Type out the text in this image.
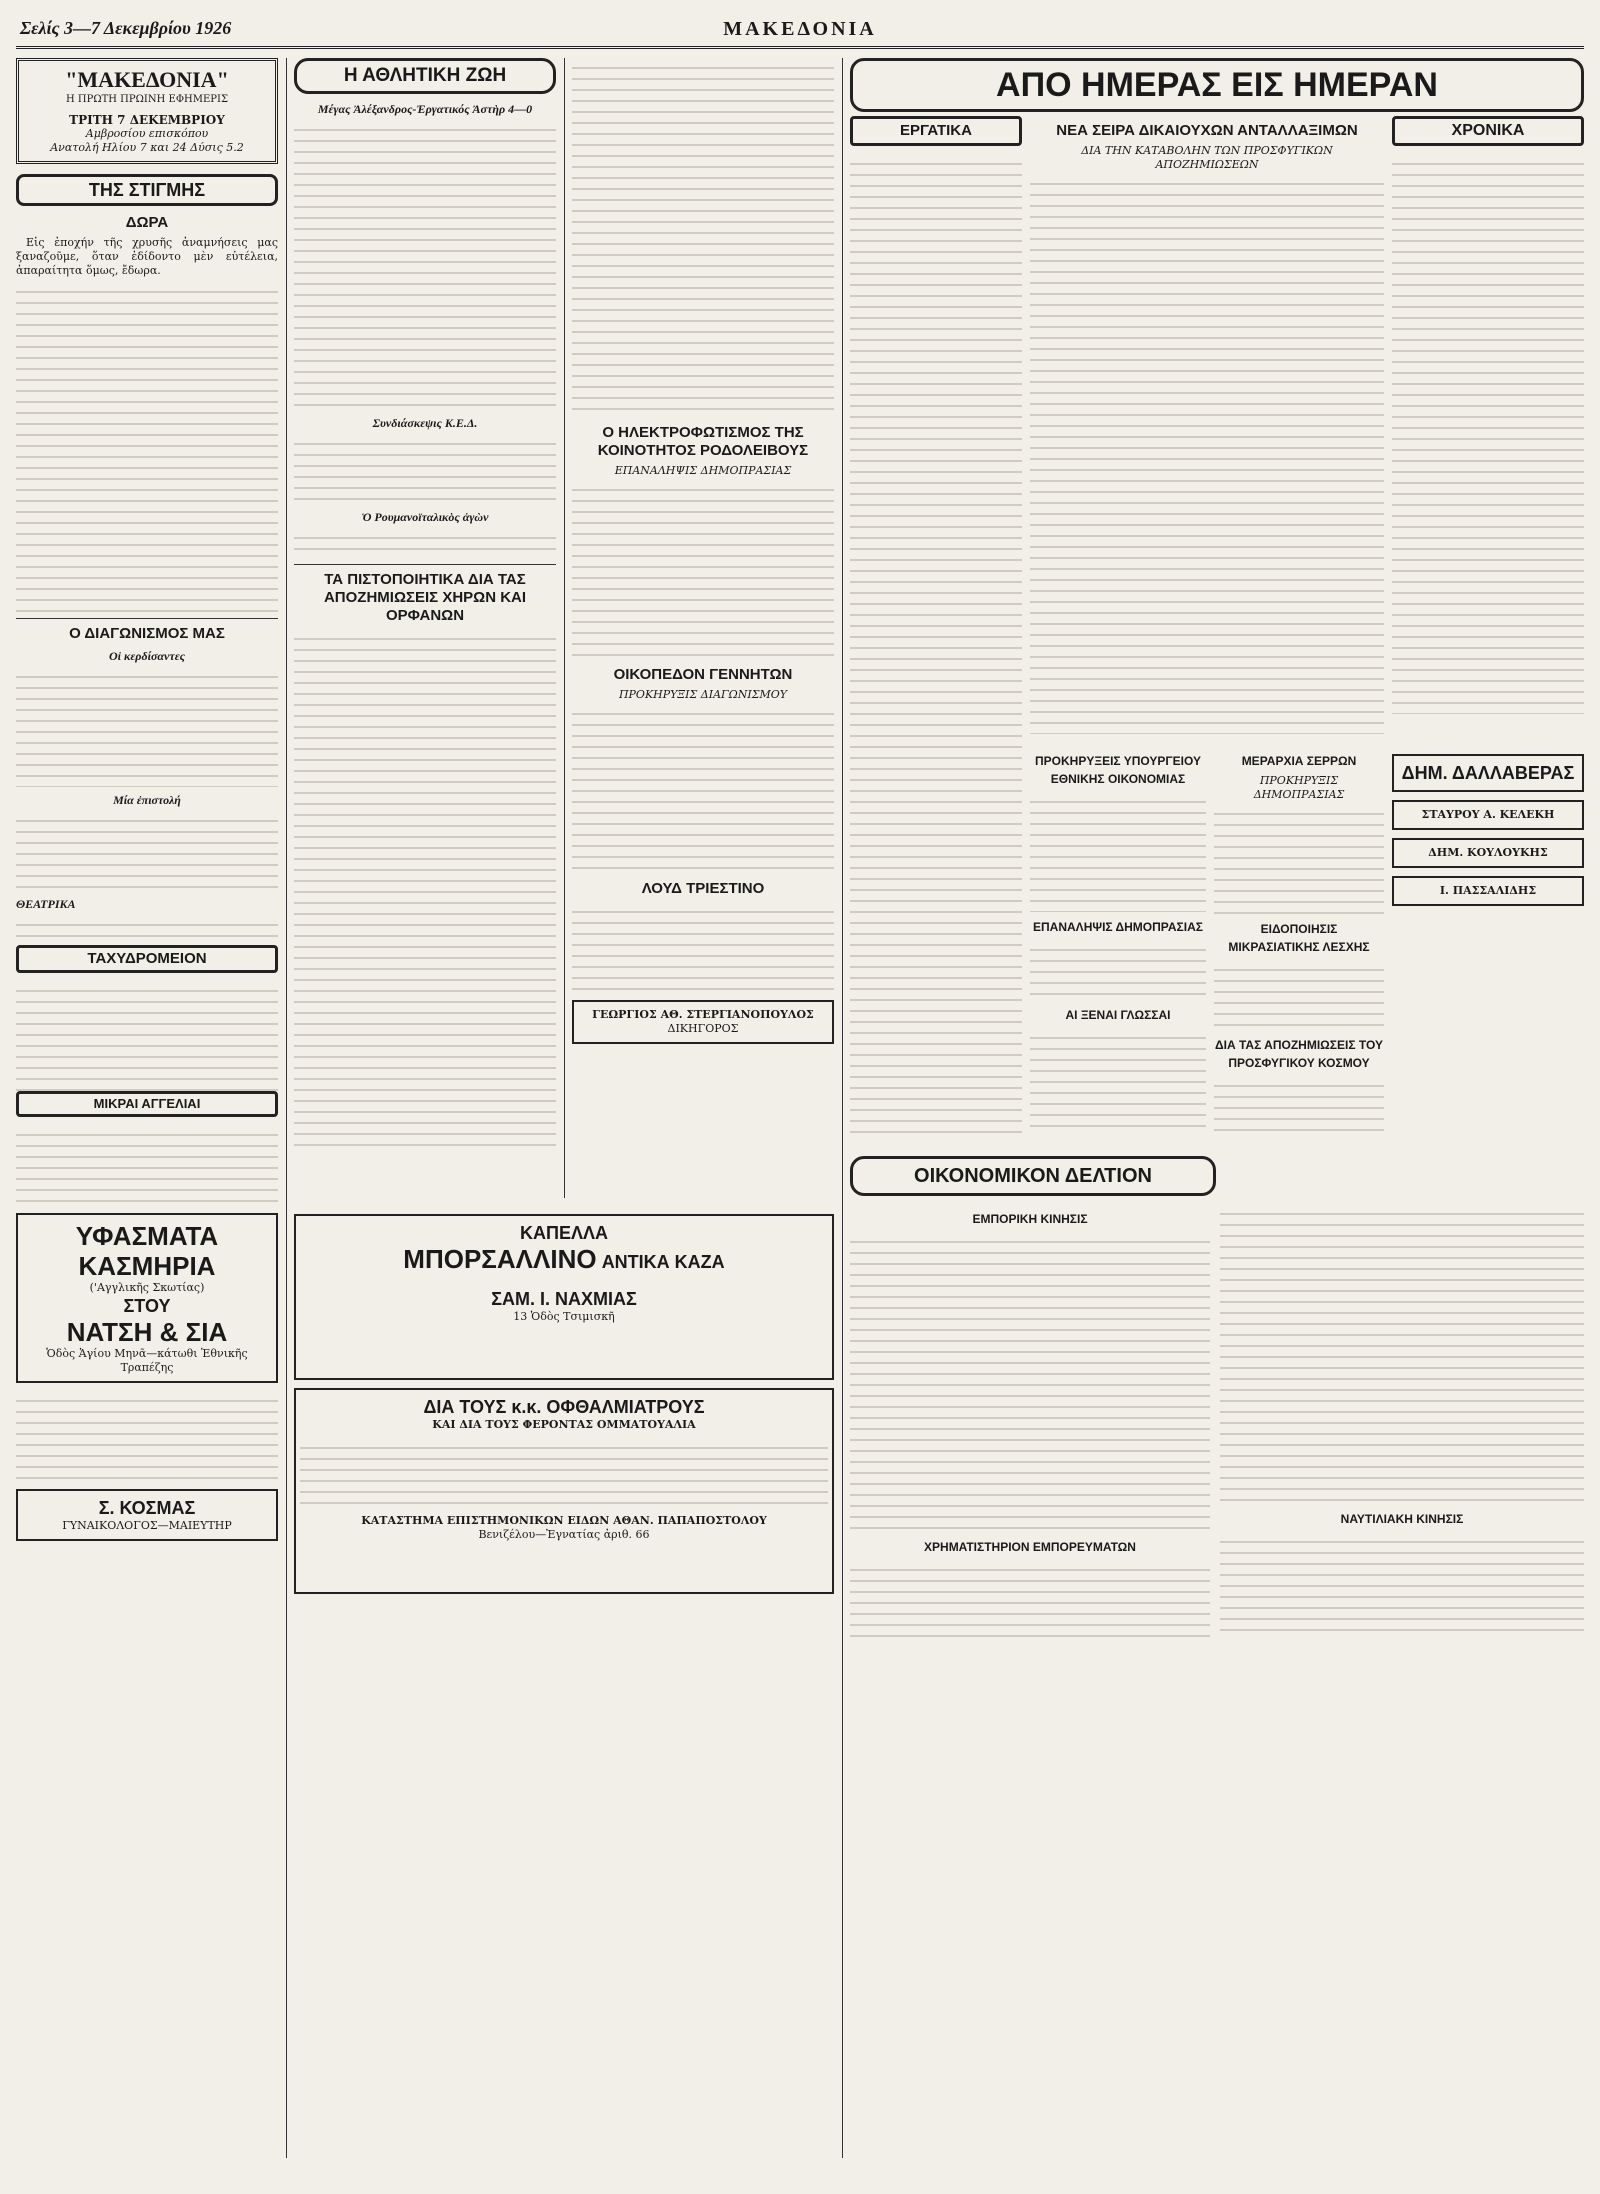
Σελίς 3—7 Δεκεμβρίου 1926	ΜΑΚΕΔΟΝΙΑ
"ΜΑΚΕΔΟΝΙΑ"
Η ΠΡΩΤΗ ΠΡΩΙΝΗ ΕΦΗΜΕΡΙΣ
ΤΡΙΤΗ 7 ΔΕΚΕΜΒΡΙΟΥ
Αμβροσίου επισκόπου
Ανατολή Ηλίου 7 και 24 Δύσις 5.2
ΤΗΣ ΣΤΙΓΜΗΣ
ΔΩΡΑ

Εἰς ἐποχήν τῆς χρυσῆς ἀναμνήσεις μας ξαναζοῦμε, ὅταν ἐδίδοντο μὲν εὐτέλεια, ἀπαραίτητα ὅμως, ἔδωρα.

Ο ΔΙΑΓΩΝΙΣΜΟΣ ΜΑΣ
Οἱ κερδίσαντες
Μία ἐπιστολή
ΘΕΑΤΡΙΚΑ
ΤΑΧΥΔΡΟΜΕΙΟΝ
ΜΙΚΡΑΙ ΑΓΓΕΛΙΑΙ
ΥΦΑΣΜΑΤΑ
ΚΑΣΜΗΡΙΑ
('Αγγλικῆς Σκωτίας)
ΣΤΟΥ
ΝΑΤΣΗ & ΣΙΑ
Ὁδὸς Ἁγίου Μηνᾶ—κάτωθι Ἐθνικῆς Τραπέζης
Σ. ΚΟΣΜΑΣ
ΓΥΝΑΙΚΟΛΟΓΟΣ—ΜΑΙΕΥΤΗΡ
Η ΑΘΛΗΤΙΚΗ ΖΩΗ
Μέγας Ἀλέξανδρος-Ἐργατικός Ἀστὴρ 4—0
Συνδιάσκεψις Κ.Ε.Δ.
Ὁ Ρουμανοϊταλικὸς ἀγὼν
ΤΑ ΠΙΣΤΟΠΟΙΗΤΙΚΑ ΔΙΑ ΤΑΣ ΑΠΟΖΗΜΙΩΣΕΙΣ ΧΗΡΩΝ ΚΑΙ ΟΡΦΑΝΩΝ
Ο ΗΛΕΚΤΡΟΦΩΤΙΣΜΟΣ ΤΗΣ ΚΟΙΝΟΤΗΤΟΣ ΡΟΔΟΛΕΙΒΟΥΣ
ΕΠΑΝΑΛΗΨΙΣ ΔΗΜΟΠΡΑΣΙΑΣ
ΟΙΚΟΠΕΔΟΝ ΓΕΝΝΗΤΩΝ
ΠΡΟΚΗΡΥΞΙΣ ΔΙΑΓΩΝΙΣΜΟΥ
ΛΟΥΔ ΤΡΙΕΣΤΙΝΟ
ΓΕΩΡΓΙΟΣ ΑΘ. ΣΤΕΡΓΙΑΝΟΠΟΥΛΟΣ
ΔΙΚΗΓΟΡΟΣ
ΚΑΠΕΛΛΑ
ΜΠΟΡΣΑΛΛΙΝΟ ΑΝΤΙΚΑ ΚΑΖΑ
ΣΑΜ. Ι. ΝΑΧΜΙΑΣ
13 Ὁδὸς Τσιμισκῆ
ΔΙΑ ΤΟΥΣ κ.κ. ΟΦΘΑΛΜΙΑΤΡΟΥΣ
ΚΑΙ ΔΙΑ ΤΟΥΣ ΦΕΡΟΝΤΑΣ ΟΜΜΑΤΟΥΑΛΙΑ
ΚΑΤΑΣΤΗΜΑ ΕΠΙΣΤΗΜΟΝΙΚΩΝ ΕΙΔΩΝ ΑΘΑΝ. ΠΑΠΑΠΟΣΤΟΛΟΥ
Βενιζέλου—Ἐγνατίας ἀριθ. 66
ΑΠΟ ΗΜΕΡΑΣ ΕΙΣ ΗΜΕΡΑΝ
ΕΡΓΑΤΙΚΑ	ΝΕΑ ΣΕΙΡΑ ΔΙΚΑΙΟΥΧΩΝ ΑΝΤΑΛΛΑΞΙΜΩΝ
ΔΙΑ ΤΗΝ ΚΑΤΑΒΟΛΗΝ ΤΩΝ ΠΡΟΣΦΥΓΙΚΩΝ ΑΠΟΖΗΜΙΩΣΕΩΝ
ΧΡΟΝΙΚΑ
ΠΡΟΚΗΡΥΞΕΙΣ ΥΠΟΥΡΓΕΙΟΥ ΕΘΝΙΚΗΣ ΟΙΚΟΝΟΜΙΑΣ
ΕΠΑΝΑΛΗΨΙΣ ΔΗΜΟΠΡΑΣΙΑΣ
ΑΙ ΞΕΝΑΙ ΓΛΩΣΣΑΙ
ΜΕΡΑΡΧΙΑ ΣΕΡΡΩΝ
ΠΡΟΚΗΡΥΞΙΣ ΔΗΜΟΠΡΑΣΙΑΣ
ΕΙΔΟΠΟΙΗΣΙΣ ΜΙΚΡΑΣΙΑΤΙΚΗΣ ΛΕΣΧΗΣ
ΔΙΑ ΤΑΣ ΑΠΟΖΗΜΙΩΣΕΙΣ ΤΟΥ ΠΡΟΣΦΥΓΙΚΟΥ ΚΟΣΜΟΥ
ΔΗΜ. ΔΑΛΛΑΒΕΡΑΣ
ΣΤΑΥΡΟΥ Α. ΚΕΛΕΚΗ
ΔΗΜ. ΚΟΥΛΟΥΚΗΣ
Ι. ΠΑΣΣΑΛΙΔΗΣ
ΟΙΚΟΝΟΜΙΚΟΝ ΔΕΛΤΙΟΝ
ΕΜΠΟΡΙΚΗ ΚΙΝΗΣΙΣ
ΧΡΗΜΑΤΙΣΤΗΡΙΟΝ ΕΜΠΟΡΕΥΜΑΤΩΝ
ΝΑΥΤΙΛΙΑΚΗ ΚΙΝΗΣΙΣ
